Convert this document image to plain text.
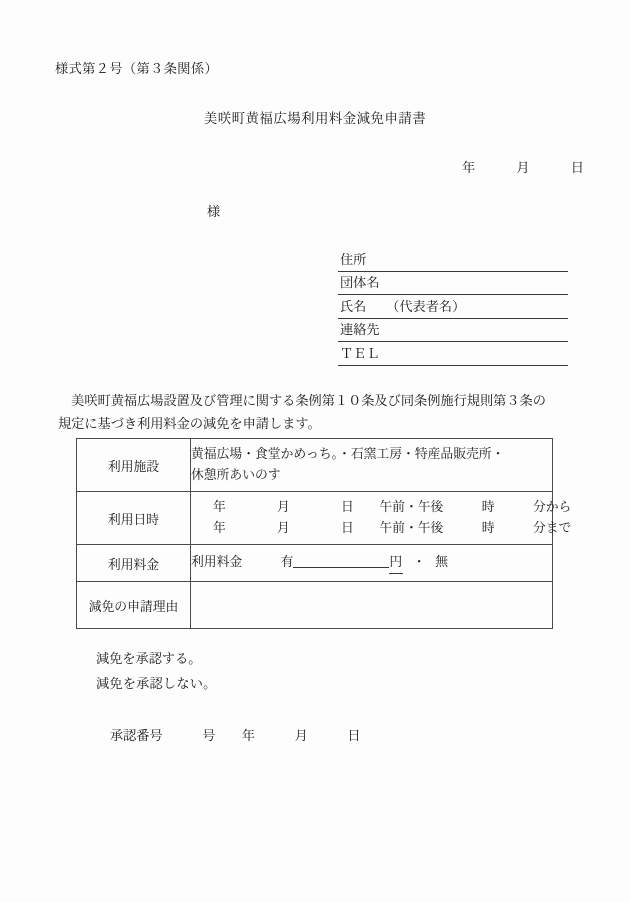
様式第２号（第３条関係）
美咲町黄福広場利用料金減免申請書
年　　　月　　　日
様
住所
団体名
氏名　　（代表者名）
連絡先
ＴＥＬ
　美咲町黄福広場設置及び管理に関する条例第１０条及び同条例施行規則第３条の
規定に基づき利用料金の減免を申請します。
利用施設	黄福広場・食堂かめっち。・石窯工房・特産品販売所・
休憩所あいのす

利用日時	年　　　　月　　　　日　　午前・午後　　　時　　　分から
年　　　　月　　　　日　　午前・午後　　　時　　　分まで

利用料金	利用料金　　　有 円 ・ 無
減免の申請理由	
減免を承認する。
減免を承認しない。
承認番号　　　号　　年　　　月　　　日
